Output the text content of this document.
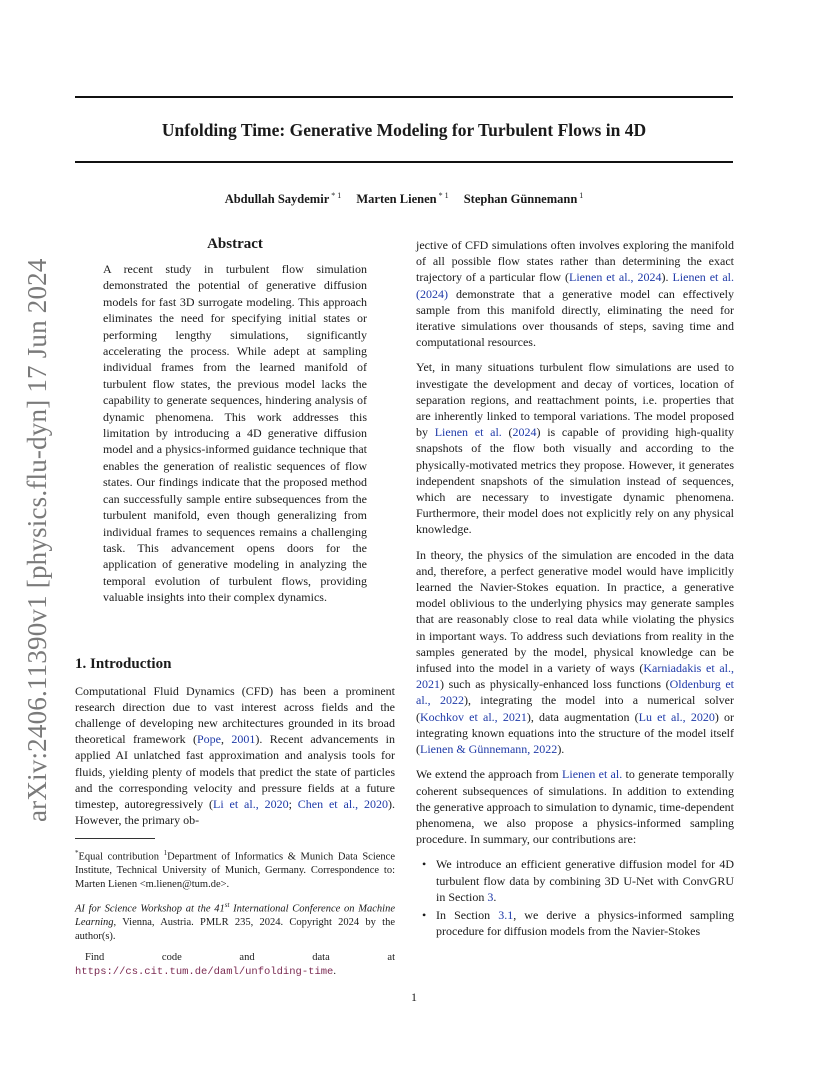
arXiv:2406.11390v1 [physics.flu-dyn] 17 Jun 2024
Unfolding Time: Generative Modeling for Turbulent Flows in 4D
Abdullah Saydemir $^{* 1}$ Marten Lienen $^{* 1}$ Stephan Günnemann $^1$
Abstract

A recent study in turbulent flow simulation demonstrated the potential of generative diffusion models for fast 3D surrogate modeling. This approach eliminates the need for specifying initial states or performing lengthy simulations, significantly accelerating the process. While adept at sampling individual frames from the learned manifold of turbulent flow states, the previous model lacks the capability to generate sequences, hindering analysis of dynamic phenomena. This work addresses this limitation by introducing a 4D generative diffusion model and a physics-informed guidance technique that enables the generation of realistic sequences of flow states. Our findings indicate that the proposed method can successfully sample entire subsequences from the turbulent manifold, even though generalizing from individual frames to sequences remains a challenging task. This advancement opens doors for the application of generative modeling in analyzing the temporal evolution of turbulent flows, providing valuable insights into their complex dynamics.

1. Introduction

Computational Fluid Dynamics (CFD) has been a prominent research direction due to vast interest across fields and the challenge of developing new architectures grounded in its broad theoretical framework (Pope, 2001). Recent advancements in applied AI unlatched fast approximation and analysis tools for fluids, yielding plenty of models that predict the state of particles and the corresponding velocity and pressure fields at a future timestep, autoregressively (Li et al., 2020; Chen et al., 2020). However, the primary ob-

*Equal contribution $^1$Department of Informatics & Munich Data Science Institute, Technical University of Munich, Germany. Correspondence to: Marten Lienen <m.lienen@tum.de>.

AI for Science Workshop at the 41st International Conference on Machine Learning, Vienna, Austria. PMLR 235, 2024. Copyright 2024 by the author(s).

Find code and data at https://cs.cit.tum.de/daml/unfolding-time.

jective of CFD simulations often involves exploring the manifold of all possible flow states rather than determining the exact trajectory of a particular flow (Lienen et al., 2024). Lienen et al. (2024) demonstrate that a generative model can effectively sample from this manifold directly, eliminating the need for iterative simulations over thousands of steps, saving time and computational resources.

Yet, in many situations turbulent flow simulations are used to investigate the development and decay of vortices, location of separation regions, and reattachment points, i.e. properties that are inherently linked to temporal variations. The model proposed by Lienen et al. (2024) is capable of providing high-quality snapshots of the flow both visually and according to the physically-motivated metrics they propose. However, it generates independent snapshots of the simulation instead of sequences, which are necessary to investigate dynamic phenomena. Furthermore, their model does not explicitly rely on any physical knowledge.

In theory, the physics of the simulation are encoded in the data and, therefore, a perfect generative model would have implicitly learned the Navier-Stokes equation. In practice, a generative model oblivious to the underlying physics may generate samples that are reasonably close to real data while violating the physics in important ways. To address such deviations from reality in the samples generated by the model, physical knowledge can be infused into the model in a variety of ways (Karniadakis et al., 2021) such as physically-enhanced loss functions (Oldenburg et al., 2022), integrating the model into a numerical solver (Kochkov et al., 2021), data augmentation (Lu et al., 2020) or integrating known equations into the structure of the model itself (Lienen & Günnemann, 2022).

We extend the approach from Lienen et al. to generate temporally coherent subsequences of simulations. In addition to extending the generative approach to simulation to dynamic, time-dependent phenomena, we also propose a physics-informed sampling procedure. In summary, our contributions are:

• We introduce an efficient generative diffusion model for 4D turbulent flow data by combining 3D U-Net with ConvGRU in Section 3.
• In Section 3.1, we derive a physics-informed sampling procedure for diffusion models from the Navier-Stokes
1
